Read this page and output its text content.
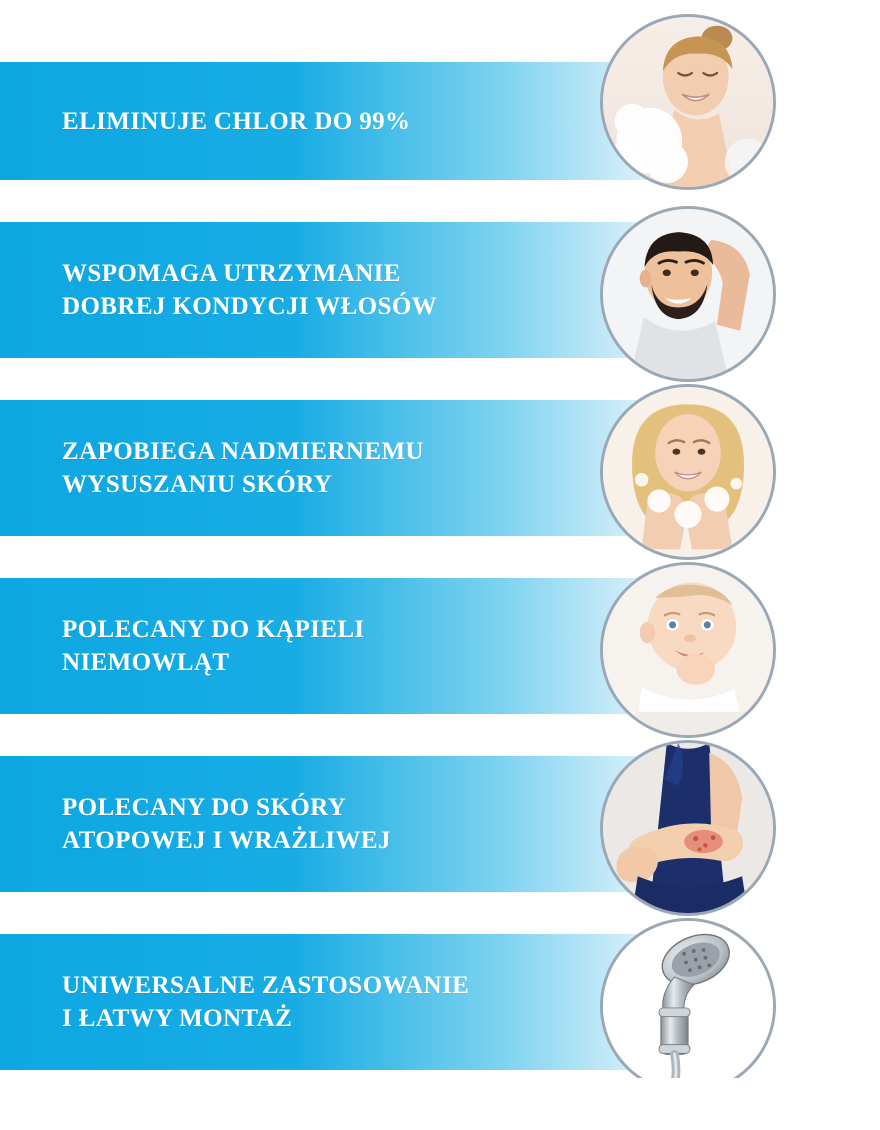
ELIMINUJE CHLOR DO 99%
WSPOMAGA UTRZYMANIE
DOBREJ KONDYCJI WŁOSÓW
ZAPOBIEGA NADMIERNEMU
WYSUSZANIU SKÓRY
POLECANY DO KĄPIELI
NIEMOWLĄT
POLECANY DO SKÓRY
ATOPOWEJ I WRAŻLIWEJ
UNIWERSALNE ZASTOSOWANIE
I ŁATWY MONTAŻ
